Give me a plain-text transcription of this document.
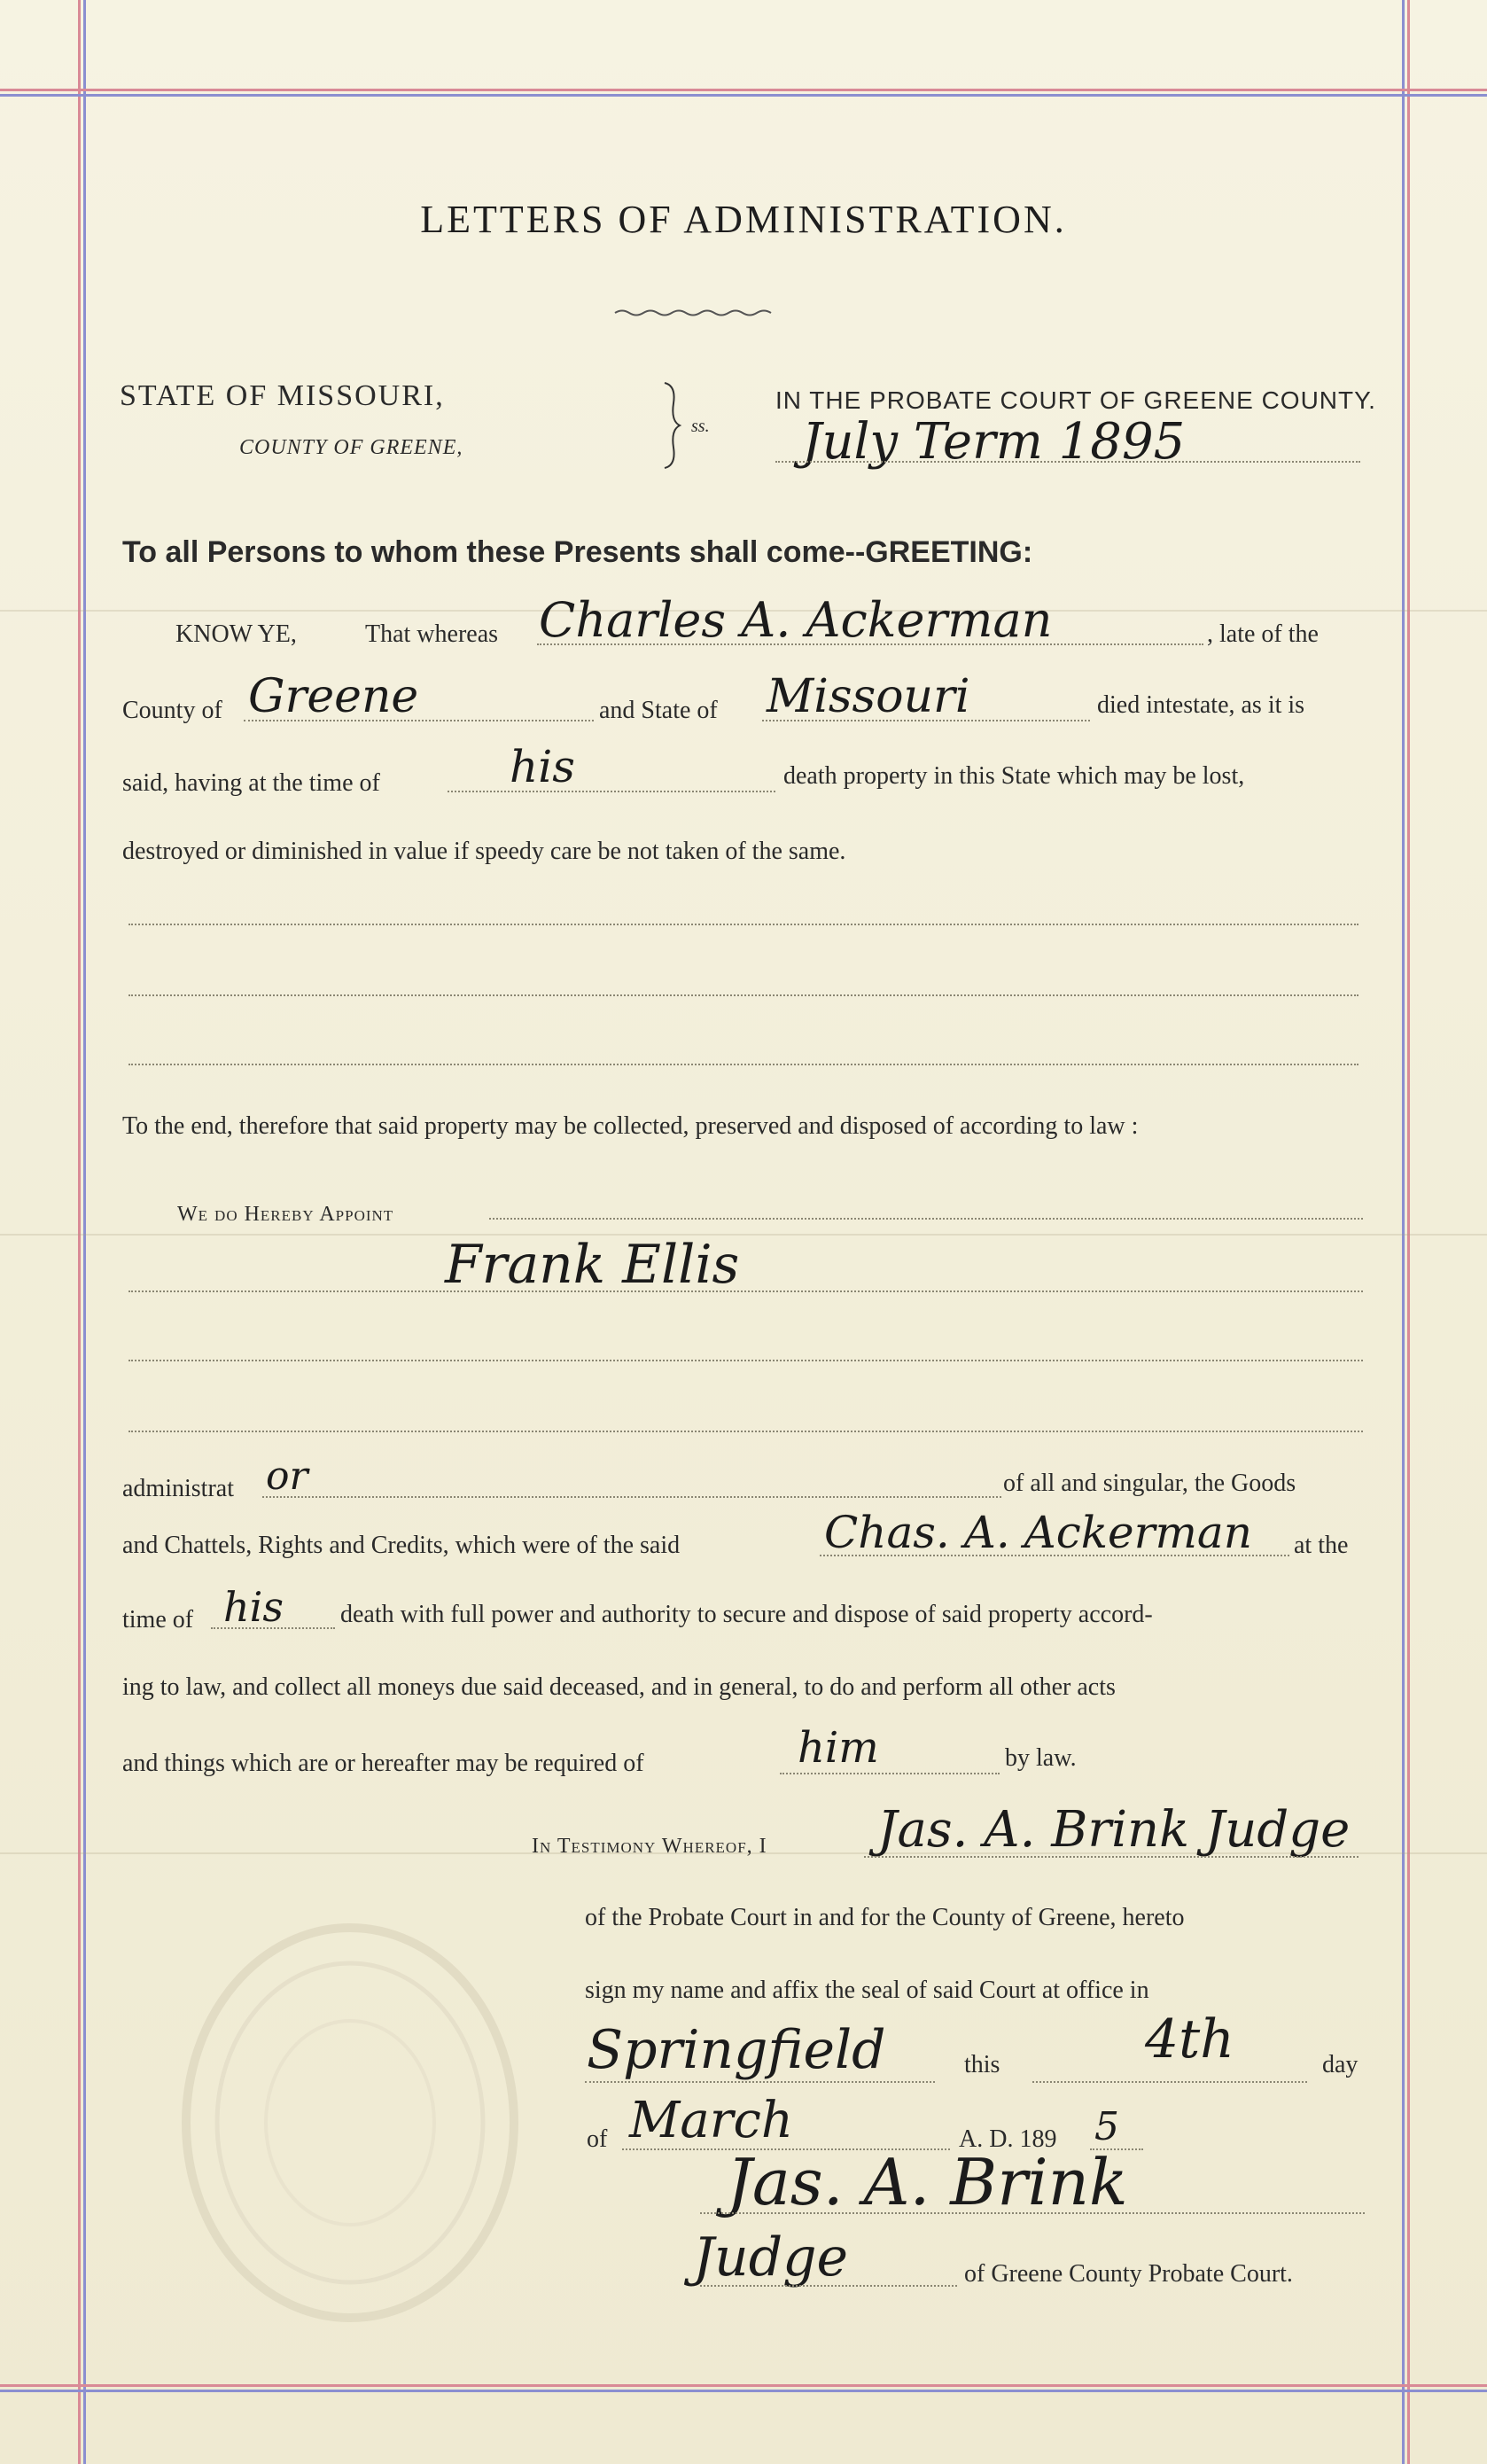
LETTERS OF ADMINISTRATION.
STATE OF MISSOURI,
COUNTY OF GREENE,
ss.
IN THE PROBATE COURT OF GREENE COUNTY.
July Term 1895
To all Persons to whom these Presents shall come--GREETING:
KNOW YE,	That whereas Charles A. Ackerman	, late of the
County of Greene	and State of Missouri	died intestate, as it is
said, having at the time of	his	death property in this State which may be lost,
destroyed or diminished in value if speedy care be not taken of the same.
To the end, therefore that said property may be collected, preserved and disposed of according to law :
We do Hereby Appoint
Frank Ellis
administrat or	of all and singular, the Goods
and Chattels, Rights and Credits, which were of the said	Chas. A. Ackerman at the
time of his death with full power and authority to secure and dispose of said property accord-
ing to law, and collect all moneys due said deceased, and in general, to do and perform all other acts
and things which are or hereafter may be required of	him	by law.
In Testimony Whereof, I Jas. A. Brink Judge
of the Probate Court in and for the County of Greene, hereto
sign my name and affix the seal of said Court at office in
Springfield	this	4th	day
of March	A. D. 189 5
Jas. A. Brink
Judge	of Greene County Probate Court.
